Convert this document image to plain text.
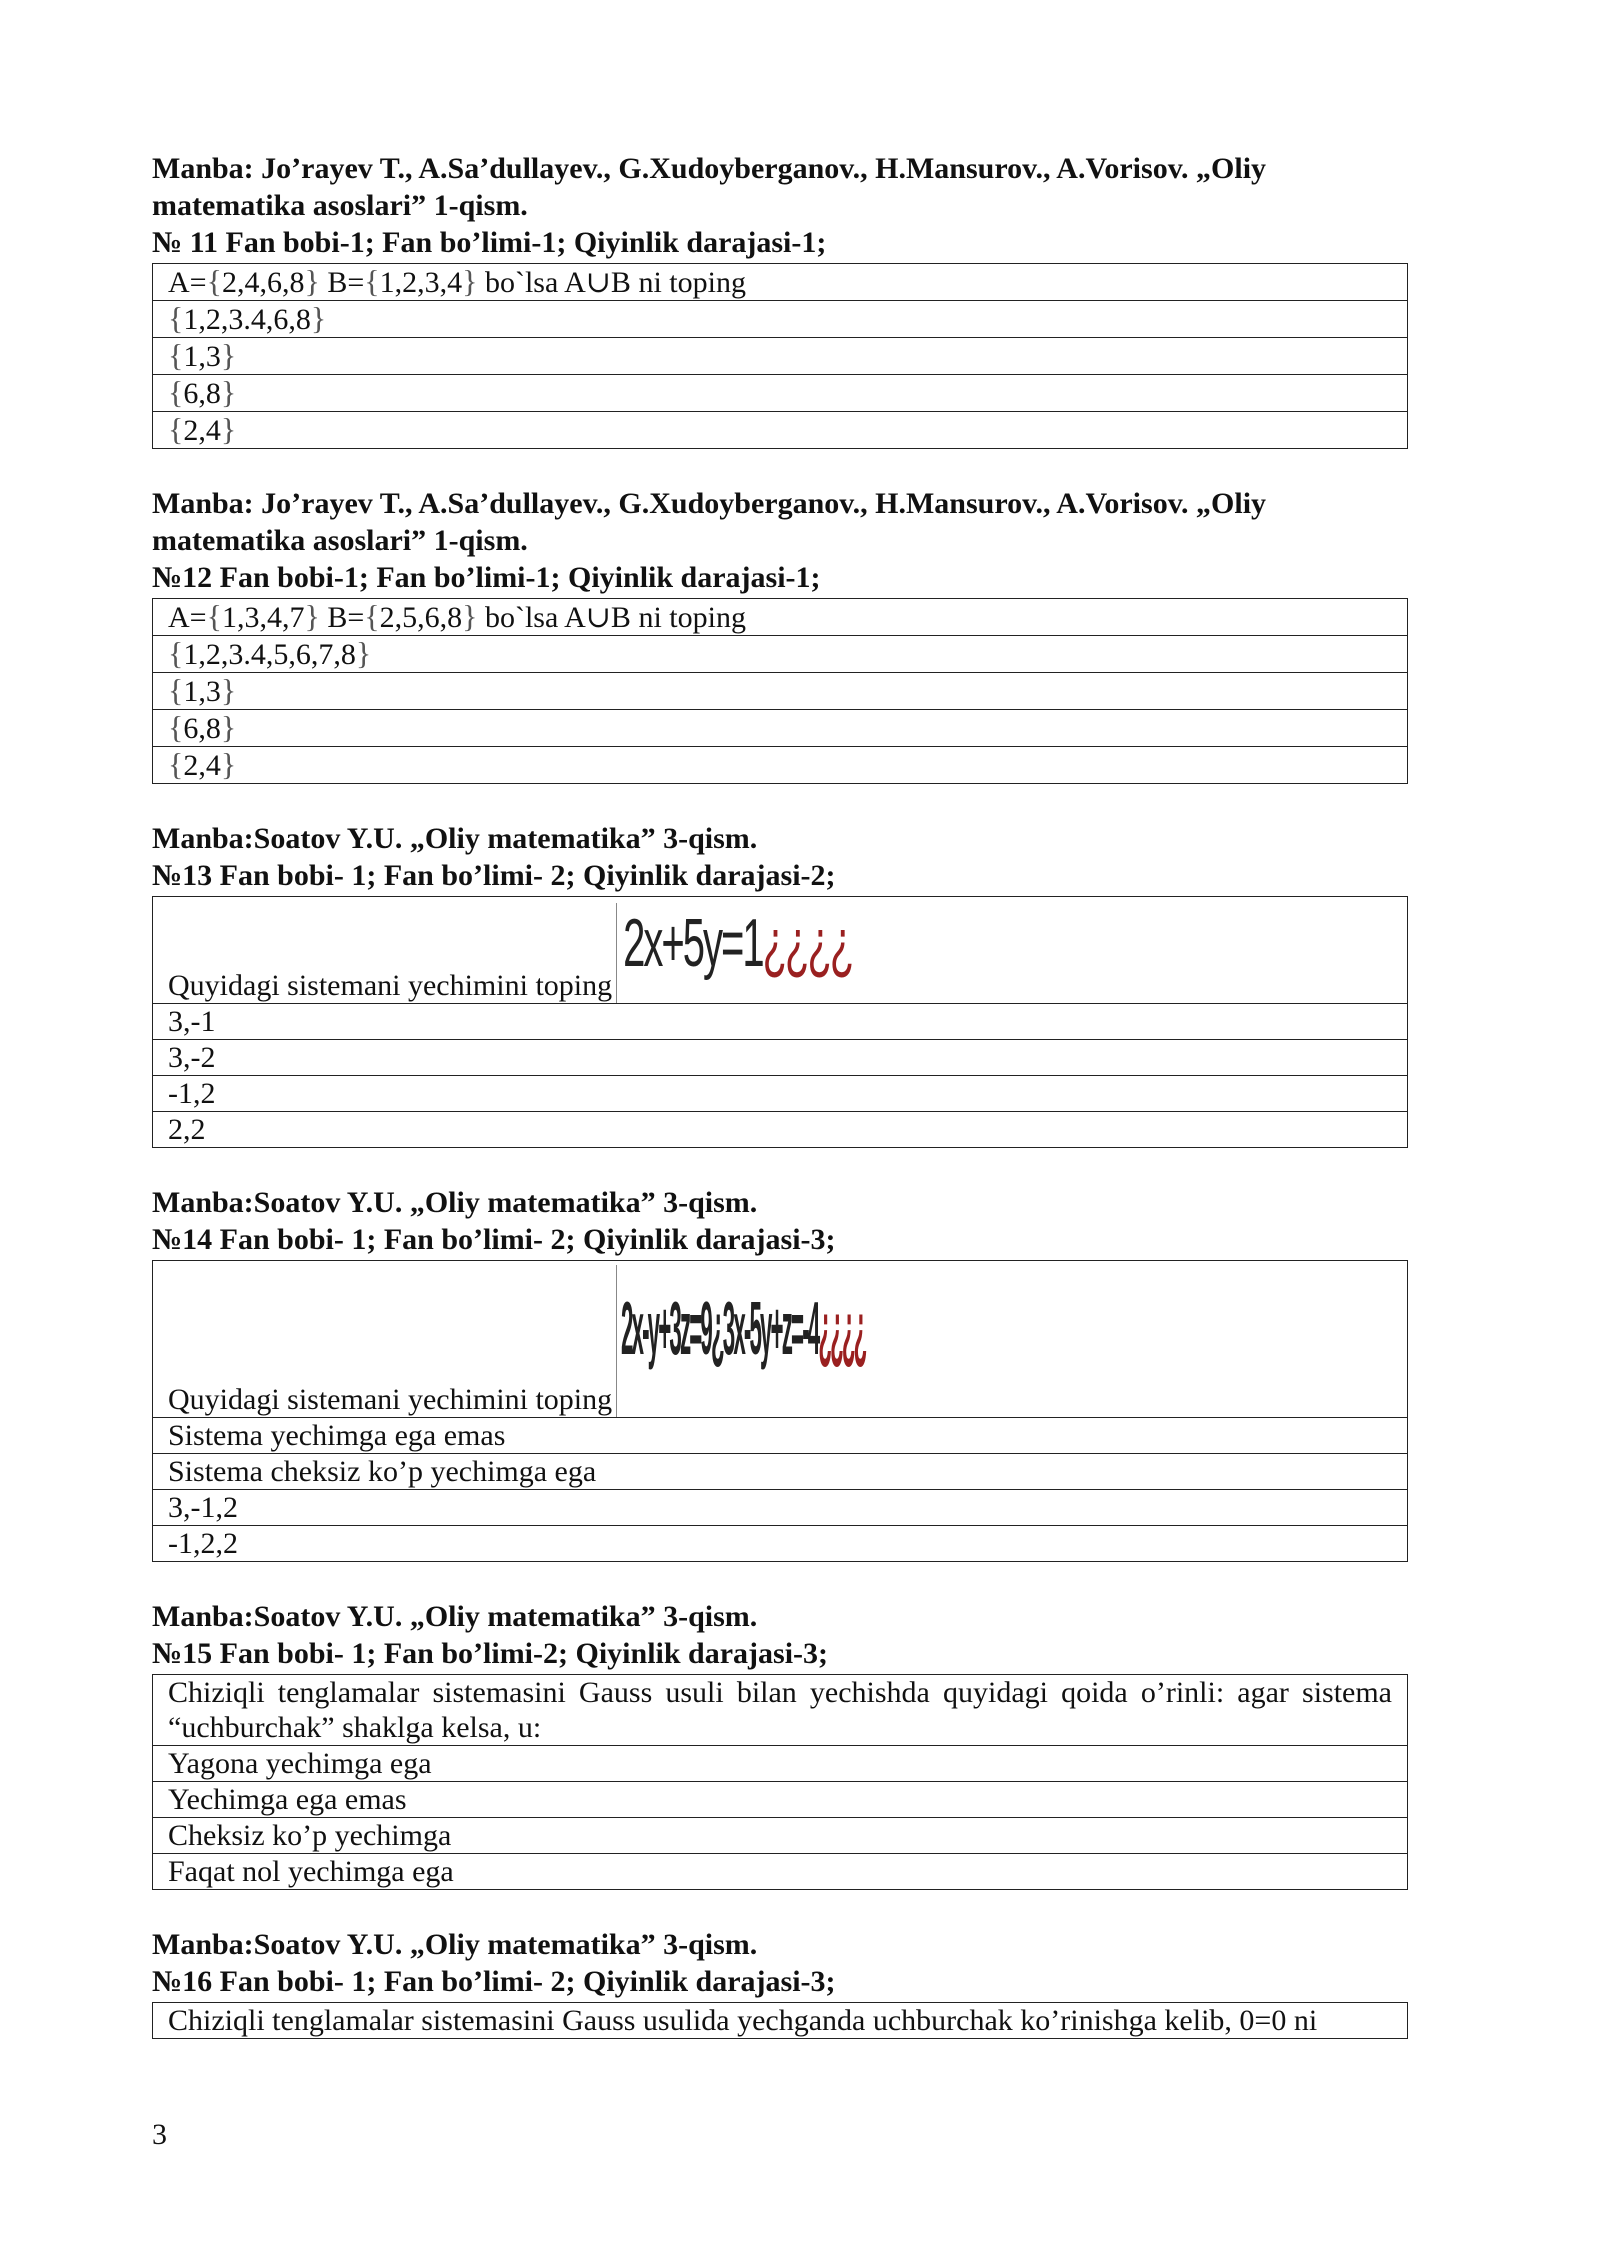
Manba: Jo’rayev T., A.Sa’dullayev., G.Xudoyberganov., H.Mansurov., A.Vorisov. „Oliy matematika asoslari” 1-qism.

№ 11 Fan bobi-1; Fan bo’limi-1; Qiyinlik darajasi-1;

A={2,4,6,8} B={1,2,3,4} bo`lsa A∪B ni toping
{1,2,3.4,6,8}
{1,3}
{6,8}
{2,4}

Manba: Jo’rayev T., A.Sa’dullayev., G.Xudoyberganov., H.Mansurov., A.Vorisov. „Oliy matematika asoslari” 1-qism.

№12 Fan bobi-1; Fan bo’limi-1; Qiyinlik darajasi-1;

A={1,3,4,7} B={2,5,6,8} bo`lsa A∪B ni toping
{1,2,3.4,5,6,7,8}
{1,3}
{6,8}
{2,4}

Manba:Soatov Y.U. „Oliy matematika” 3-qism.

№13 Fan bobi- 1; Fan bo’limi- 2; Qiyinlik darajasi-2;

Quyidagi sistemani yechimini toping
2x+5y=1¿¿¿¿

3,-1
3,-2
-1,2
2,2

Manba:Soatov Y.U. „Oliy matematika” 3-qism.

№14 Fan bobi- 1; Fan bo’limi- 2; Qiyinlik darajasi-3;

Quyidagi sistemani yechimini toping
2x-y+3z=9¿3x-5y+z=-4¿¿¿¿

Sistema yechimga ega emas
Sistema cheksiz ko’p yechimga ega
3,-1,2
-1,2,2

Manba:Soatov Y.U. „Oliy matematika” 3-qism.

№15 Fan bobi- 1; Fan bo’limi-2; Qiyinlik darajasi-3;

Chiziqli tenglamalar sistemasini Gauss usuli bilan yechishda quyidagi qoida o’rinli: agar sistema “uchburchak” shaklga kelsa, u:
Yagona yechimga ega
Yechimga ega emas
Cheksiz ko’p yechimga
Faqat nol yechimga ega

Manba:Soatov Y.U. „Oliy matematika” 3-qism.

№16 Fan bobi- 1; Fan bo’limi- 2; Qiyinlik darajasi-3;

Chiziqli tenglamalar sistemasini Gauss usulida yechganda uchburchak ko’rinishga kelib, 0=0 ni
3
